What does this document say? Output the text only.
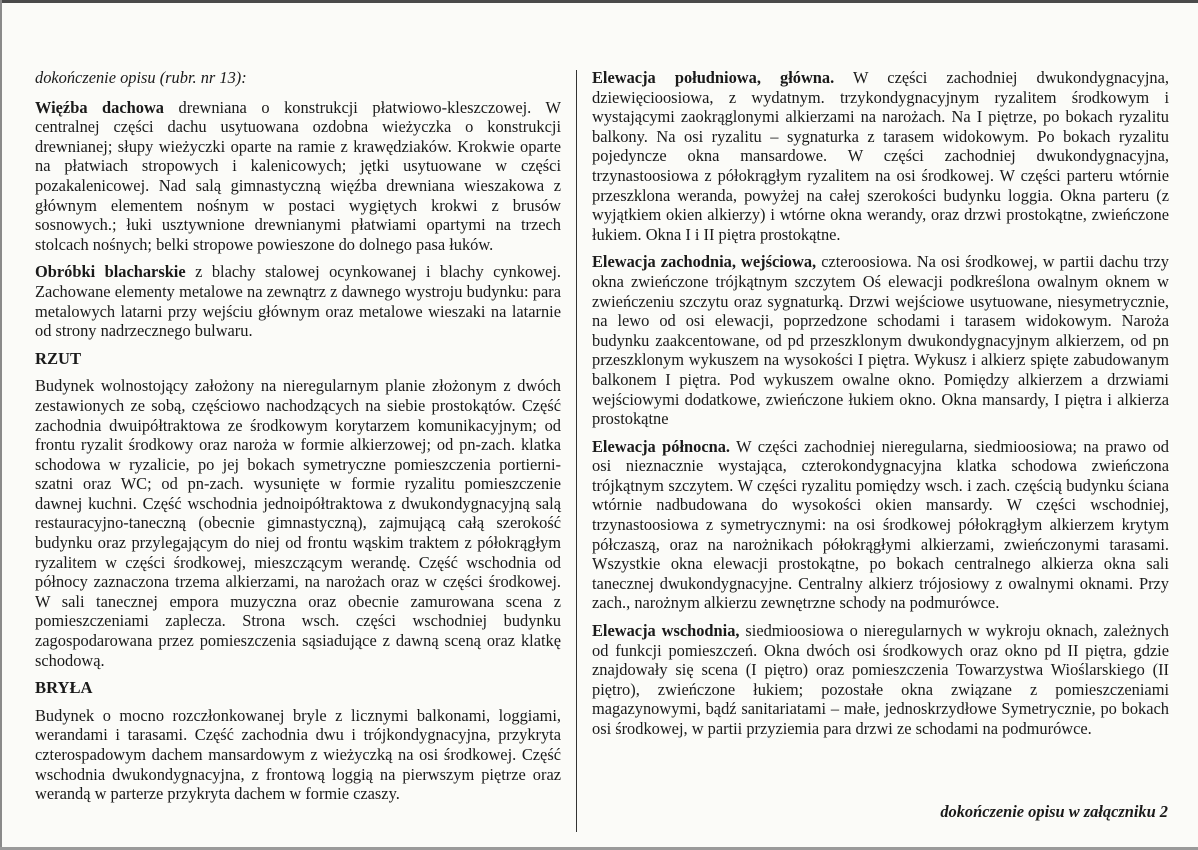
dokończenie opisu (rubr. nr 13):

Więźba dachowa drewniana o konstrukcji płatwiowo-kleszczowej. W centralnej części dachu usytuowana ozdobna wieżyczka o konstrukcji drewnianej; słupy wieżyczki oparte na ramie z krawędziaków. Krokwie oparte na płatwiach stropowych i kalenicowych; jętki usytuowane w części pozakalenicowej. Nad salą gimnastyczną więźba drewniana wieszakowa z głównym elementem nośnym w postaci wygiętych krokwi z brusów sosnowych.; łuki usztywnione drewnianymi płatwiami opartymi na trzech stolcach nośnych; belki stropowe powieszone do dolnego pasa łuków.

Obróbki blacharskie z blachy stalowej ocynkowanej i blachy cynkowej. Zachowane elementy metalowe na zewnątrz z dawnego wystroju budynku: para metalowych latarni przy wejściu głównym oraz metalowe wieszaki na latarnie od strony nadrzecznego bulwaru.

RZUT

Budynek wolnostojący założony na nieregularnym planie złożonym z dwóch zestawionych ze sobą, częściowo nachodzących na siebie prostokątów. Część zachodnia dwuipółtraktowa ze środkowym korytarzem komunikacyjnym; od frontu ryzalit środkowy oraz naroża w formie alkierzowej; od pn-zach. klatka schodowa w ryzalicie, po jej bokach symetryczne pomieszczenia portierni-szatni oraz WC; od pn-zach. wysunięte w formie ryzalitu pomieszczenie dawnej kuchni. Część wschodnia jednoipółtraktowa z dwukondygnacyjną salą restauracyjno-taneczną (obecnie gimnastyczną), zajmującą całą szerokość budynku oraz przylegającym do niej od frontu wąskim traktem z półokrągłym ryzalitem w części środkowej, mieszczącym werandę. Część wschodnia od północy zaznaczona trzema alkierzami, na narożach oraz w części środkowej. W sali tanecznej empora muzyczna oraz obecnie zamurowana scena z pomieszczeniami zaplecza. Strona wsch. części wschodniej budynku zagospodarowana przez pomieszczenia sąsiadujące z dawną sceną oraz klatkę schodową.

BRYŁA

Budynek o mocno rozczłonkowanej bryle z licznymi balkonami, loggiami, werandami i tarasami. Część zachodnia dwu i trójkondygnacyjna, przykryta czterospadowym dachem mansardowym z wieżyczką na osi środkowej. Część wschodnia dwukondygnacyjna, z frontową loggią na pierwszym piętrze oraz werandą w parterze przykryta dachem w formie czaszy.

Elewacja południowa, główna. W części zachodniej dwukondygnacyjna, dziewięcioosiowa, z wydatnym. trzykondygnacyjnym ryzalitem środkowym i wystającymi zaokrąglonymi alkierzami na narożach. Na I piętrze, po bokach ryzalitu balkony. Na osi ryzalitu – sygnaturka z tarasem widokowym. Po bokach ryzalitu pojedyncze okna mansardowe. W części zachodniej dwukondygnacyjna, trzynastoosiowa z półokrągłym ryzalitem na osi środkowej. W części parteru wtórnie przeszklona weranda, powyżej na całej szerokości budynku loggia. Okna parteru (z wyjątkiem okien alkierzy) i wtórne okna werandy, oraz drzwi prostokątne, zwieńczone łukiem. Okna I i II piętra prostokątne.

Elewacja zachodnia, wejściowa, czteroosiowa. Na osi środkowej, w partii dachu trzy okna zwieńczone trójkątnym szczytem Oś elewacji podkreślona owalnym oknem w zwieńczeniu szczytu oraz sygnaturką. Drzwi wejściowe usytuowane, niesymetrycznie, na lewo od osi elewacji, poprzedzone schodami i tarasem widokowym. Naroża budynku zaakcentowane, od pd przeszklonym dwukondygnacyjnym alkierzem, od pn przeszklonym wykuszem na wysokości I piętra. Wykusz i alkierz spięte zabudowanym balkonem I piętra. Pod wykuszem owalne okno. Pomiędzy alkierzem a drzwiami wejściowymi dodatkowe, zwieńczone łukiem okno. Okna mansardy, I piętra i alkierza prostokątne

Elewacja północna. W części zachodniej nieregularna, siedmioosiowa; na prawo od osi nieznacznie wystająca, czterokondygnacyjna klatka schodowa zwieńczona trójkątnym szczytem. W części ryzalitu pomiędzy wsch. i zach. częścią budynku ściana wtórnie nadbudowana do wysokości okien mansardy. W części wschodniej, trzynastoosiowa z symetrycznymi: na osi środkowej półokrągłym alkierzem krytym półczaszą, oraz na narożnikach półokrągłymi alkierzami, zwieńczonymi tarasami. Wszystkie okna elewacji prostokątne, po bokach centralnego alkierza okna sali tanecznej dwukondygnacyjne. Centralny alkierz trójosiowy z owalnymi oknami. Przy zach., narożnym alkierzu zewnętrzne schody na podmurówce.

Elewacja wschodnia, siedmioosiowa o nieregularnych w wykroju oknach, zależnych od funkcji pomieszczeń. Okna dwóch osi środkowych oraz okno pd II piętra, gdzie znajdowały się scena (I piętro) oraz pomieszczenia Towarzystwa Wioślarskiego (II piętro), zwieńczone łukiem; pozostałe okna związane z pomieszczeniami magazynowymi, bądź sanitariatami – małe, jednoskrzydłowe Symetrycznie, po bokach osi środkowej, w partii przyziemia para drzwi ze schodami na podmurówce.

dokończenie opisu w załączniku 2
